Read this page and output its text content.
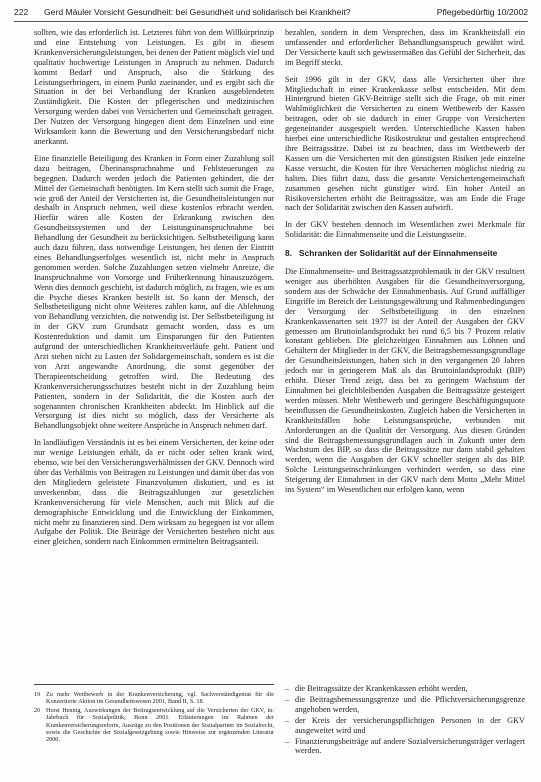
222 Gerd Mäuler Vorsicht Gesundheit: bei Gesundheit und solidarisch bei Krankheit?	Pflegebedürftig 10/2002

sollten, wie das erforderlich ist. Letzteres führt von dem Willkürprinzip und eine Entstehung von Leistungen. Es gibt in diesem Krankenversicherungsleistungen, bei denen der Patient möglich viel und qualitativ hochwertige Leistungen in Anspruch zu nehmen. Dadurch kommt Bedarf und Anspruch, also die Stärkung des Leistungserbringers, in einem Punkt zueinander, und es ergibt sich die Situation in der bei Verhandlung der Kranken ausgeblendeten Zuständigkeit. Die Kosten der pflegerischen und medizinischen Versorgung werden dabei von Versicherten und Gemeinschaft getragen. Der Nutzen der Versorgung hingegen dient dem Einzelnen und eine Wirksamkeit kann die Bewertung und den Versicherungsbedarf nicht anerkannt.

Eine finanzielle Beteiligung des Kranken in Form einer Zuzahlung soll dazu beitragen, Überinanspruchnahme und Fehlsteuerungen zu begegnen. Dadurch werden jedoch die Patienten gehindert, die der Mittel der Gemeinschaft benötigten. Im Kern stellt sich somit die Frage, wie groß der Anteil der Versicherten ist, die Gesundheitsleistungen nur deshalb in Anspruch nehmen, weil diese kostenlos erbracht werden. Hierfür wären alle Kosten der Erkrankung zwischen den Gesundheitssystemen und der Leistungsinanspruchnahme bei Behandlung der Gesundheit zu berücksichtigen. Selbstbeteiligung kann auch dazu führen, dass notwendige Leistungen, bei denen der Eintritt eines Behandlungserfolges wesentlich ist, nicht mehr in Anspruch genommen werden. Solche Zuzahlungen setzen vielmehr Anreize, die Inanspruchnahme von Vorsorge und Früherkennung hinauszuzögern. Wenn dies dennoch geschieht, ist dadurch möglich, zu fragen, wie es um die Psyche dieses Kranken bestellt ist. So kann der Mensch, der Selbstbeteiligung nicht ohne Weiteres zahlen kann, auf die Ablehnung von Behandlung verzichten, die notwendig ist. Der Selbstbeteiligung ist in der GKV zum Grundsatz gemacht worden, dass es um Kostenreduktion und damit um Einsparungen für den Patienten aufgrund der unterschiedlichen Krankheitsverläufe geht. Patient und Arzt stehen nicht zu Lasten der Solidargemeinschaft, sondern es ist die von Arzt angewandte Anordnung, die sonst gegenüber der Therapieentscheidung getroffen wird. Die Bedeutung des Krankenversicherungsschutzes besteht nicht in der Zuzahlung beim Patienten, sondern in der Solidarität, die die Kosten auch der sogenannten chronischen Krankheiten abdeckt. Im Hinblick auf die Versorgung ist dies nicht so möglich, dass der Versicherte als Behandlungsobjekt ohne weitere Ansprüche in Anspruch nehmen darf.

In landläufigen Verständnis ist es bei einem Versicherten, der keine oder nur wenige Leistungen erhält, da er nicht oder selten krank wird, ebenso, wie bei den Versicherungsverhältnissen der GKV. Dennoch wird über das Verhältnis von Beitragen zu Leistungen und damit über das von den Mitgliedern geleistete Finanzvolumen diskutiert, und es ist unverkennbar, dass die Beitragszahlungen zur gesetzlichen Krankenversicherung für viele Menschen, auch mit Blick auf die demographische Entwicklung und die Entwicklung der Einkommen, nicht mehr zu finanzieren sind. Dem wirksam zu begegnen ist vor allem Aufgabe der Politik. Die Beiträge der Versicherten bestehen nicht aus einer gleichen, sondern nach Einkommen ermittelten Beitragsanteil.

bezahlen, sondern in dem Versprechen, dass im Krankheitsfall ein umfassender und erforderlicher Behandlungsanspruch gewährt wird. Der Versicherte kauft sich gewissermaßen das Gefühl der Sicherheit, das im Begriff steckt.

Seit 1996 gilt in der GKV, dass alle Versicherten über ihre Mitgliedschaft in einer Krankenkasse selbst entscheiden. Mit dem Hintergrund bieten GKV-Beiträge stellt sich die Frage, ob mit einer Wahlmöglichkeit die Versicherten zu einem Wettbewerb der Kassen beitragen, oder ob sie dadurch in einer Gruppe von Versicherten gegeneinander ausgespielt werden. Unterschiedliche Kassen haben hierbei eine unterschiedliche Risikostruktur und gestalten entsprechend ihre Beitragssätze. Dabei ist zu beachten, dass im Wettbewerb der Kassen um die Versicherten mit den günstigsten Risiken jede einzelne Kasse versucht, die Kosten für ihre Versicherten möglichst niedrig zu halten. Dies führt dazu, dass die gesamte Versichertengemeinschaft zusammen gesehen nicht günstiger wird. Ein hoher Anteil an Risikoversicherten erhöht die Beitragssätze, was am Ende die Frage nach der Solidarität zwischen den Kassen aufwirft.

In der GKV bestehen dennoch im Wesentlichen zwei Merkmale für Solidarität: die Einnahmenseite und die Leistungsseite.

8. Schranken der Solidarität auf der Einnahmenseite

Die Einnahmenseite- und Beitragssatzproblematik in der GKV resultiert weniger aus überhöhten Ausgaben für die Gesundheitsversorgung, sondern aus der Schwäche der Einnahmenbasis. Auf Grund auffälliger Eingriffe im Bereich der Leistungsgewährung und Rahmenbedingungen der Versorgung der Selbstbeteiligung in den einzelnen Krankenkassenarten seit 1977 ist der Anteil der Ausgaben der GKV gemessen am Bruttoinlandsprodukt bei rund 6,5 bis 7 Prozent relativ konstant geblieben. Die gleichzeitigen Einnahmen aus Löhnen und Gehältern der Mitglieder in der GKV, die Beitragsbemessungsgrundlage der Gesundheitsleistungen, haben sich in den vergangenen 20 Jahren jedoch nur in geringerem Maß als das Bruttoinlandsprodukt (BIP) erhöht. Dieser Trend zeigt, dass bei zu geringem Wachstum der Einnahmen bei gleichbleibenden Ausgaben die Beitragssätze gesteigert werden müssen. Mehr Wettbewerb und geringere Beschäftigungsquote beeinflussen die Gesundheitskosten. Zugleich haben die Versicherten in Krankheitsfällen hohe Leistungsansprüche, verbunden mit Anforderungen an die Qualität der Versorgung. Aus diesen Gründen sind die Beitragsbemessungsgrundlagen auch in Zukunft unter dem Wachstum des BIP, so dass die Beitragssätze nur dann stabil gehalten werden, wenn die Ausgaben der GKV schneller steigen als das BIP. Solche Leistungseinschränkungen verhindert werden, so dass eine Steigerung der Einnahmen in der GKV nach dem Motto „Mehr Mittel ins System“ im Wesentlichen nur erfolgen kann, wenn

19 Zu mehr Wettbewerb in der Krankenversicherung, vgl. Sachverständigenrat für die Konzertierte Aktion im Gesundheitswesen 2001, Band II, S. 18.
20 Horst Hennig, Auswirkungen der Beitragsentwicklung auf die Versicherten der GKV, in: Jahrbuch für Sozialpolitik, Bonn 2001. Erläuterungen im Rahmen der Krankenversicherungsreform, Auszüge zu den Positionen der Sozialpartner im Sozialrecht, sowie die Geschichte der Sozialgesetzgebung sowie Hinweise zur ergänzenden Literatur 2000.
– die Beitragssätze der Krankenkassen erhöht werden,
– die Beitragsbemessungsgrenze und die Pflichtversicherungsgrenze angehoben werden,
– der Kreis der versicherungspflichtigen Personen in der GKV ausgeweitet wird und
– Finanzierungsbeiträge auf andere Sozialversicherungsträger verlagert werden.
